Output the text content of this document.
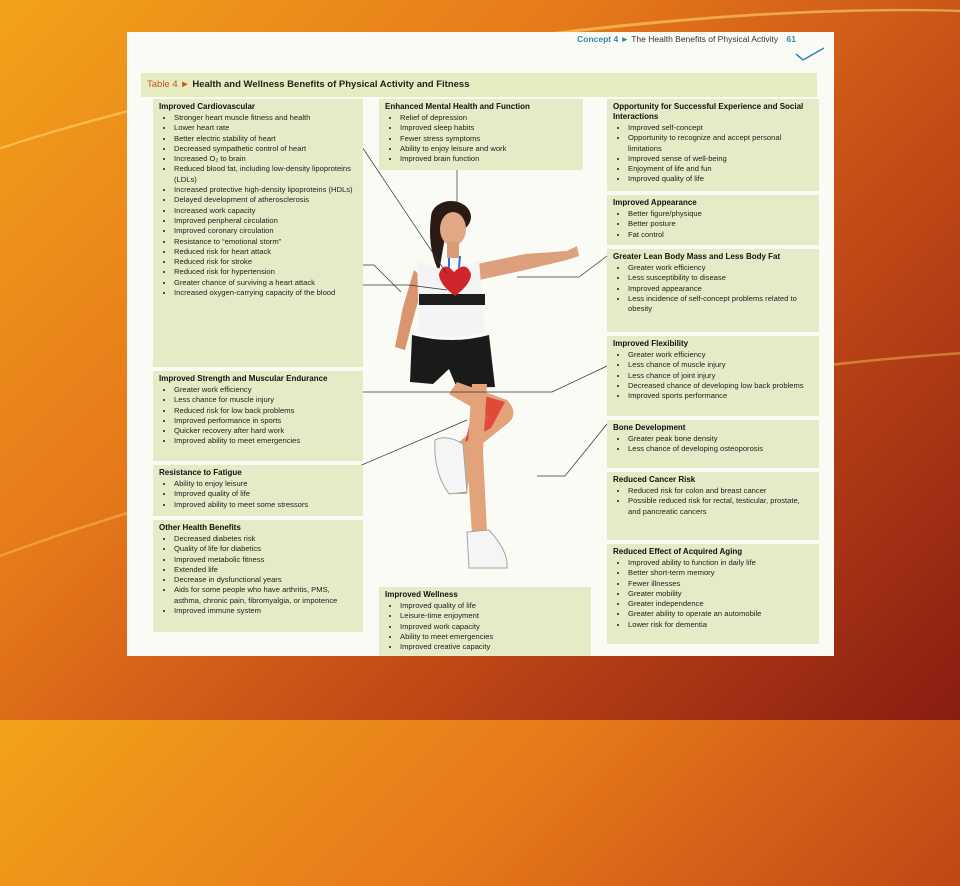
Concept 4 ► The Health Benefits of Physical Activity 61
Table 4 ► Health and Wellness Benefits of Physical Activity and Fitness
Improved Cardiovascular
• Stronger heart muscle fitness and health
• Lower heart rate
• Better electric stability of heart
• Decreased sympathetic control of heart
• Increased O₂ to brain
• Reduced blood fat, including low-density lipoproteins (LDLs)
• Increased protective high-density lipoproteins (HDLs)
• Delayed development of atherosclerosis
• Increased work capacity
• Improved peripheral circulation
• Improved coronary circulation
• Resistance to “emotional storm”
• Reduced risk for heart attack
• Reduced risk for stroke
• Reduced risk for hypertension
• Greater chance of surviving a heart attack
• Increased oxygen-carrying capacity of the blood
Improved Strength and Muscular Endurance
• Greater work efficiency
• Less chance for muscle injury
• Reduced risk for low back problems
• Improved performance in sports
• Quicker recovery after hard work
• Improved ability to meet emergencies
Resistance to Fatigue
• Ability to enjoy leisure
• Improved quality of life
• Improved ability to meet some stressors
Other Health Benefits
• Decreased diabetes risk
• Quality of life for diabetics
• Improved metabolic fitness
• Extended life
• Decrease in dysfunctional years
• Aids for some people who have arthritis, PMS, asthma, chronic pain, fibromyalgia, or impotence
• Improved immune system
Enhanced Mental Health and Function
• Relief of depression
• Improved sleep habits
• Fewer stress symptoms
• Ability to enjoy leisure and work
• Improved brain function
Improved Wellness
• Improved quality of life
• Leisure-time enjoyment
• Improved work capacity
• Ability to meet emergencies
• Improved creative capacity
Opportunity for Successful Experience and Social Interactions
• Improved self-concept
• Opportunity to recognize and accept personal limitations
• Improved sense of well-being
• Enjoyment of life and fun
• Improved quality of life
Improved Appearance
• Better figure/physique
• Better posture
• Fat control
Greater Lean Body Mass and Less Body Fat
• Greater work efficiency
• Less susceptibility to disease
• Improved appearance
• Less incidence of self-concept problems related to obesity
Improved Flexibility
• Greater work efficiency
• Less chance of muscle injury
• Less chance of joint injury
• Decreased chance of developing low back problems
• Improved sports performance
Bone Development
• Greater peak bone density
• Less chance of developing osteoporosis
Reduced Cancer Risk
• Reduced risk for colon and breast cancer
• Possible reduced risk for rectal, testicular, prostate, and pancreatic cancers
Reduced Effect of Acquired Aging
• Improved ability to function in daily life
• Better short-term memory
• Fewer illnesses
• Greater mobility
• Greater independence
• Greater ability to operate an automobile
• Lower risk for dementia
